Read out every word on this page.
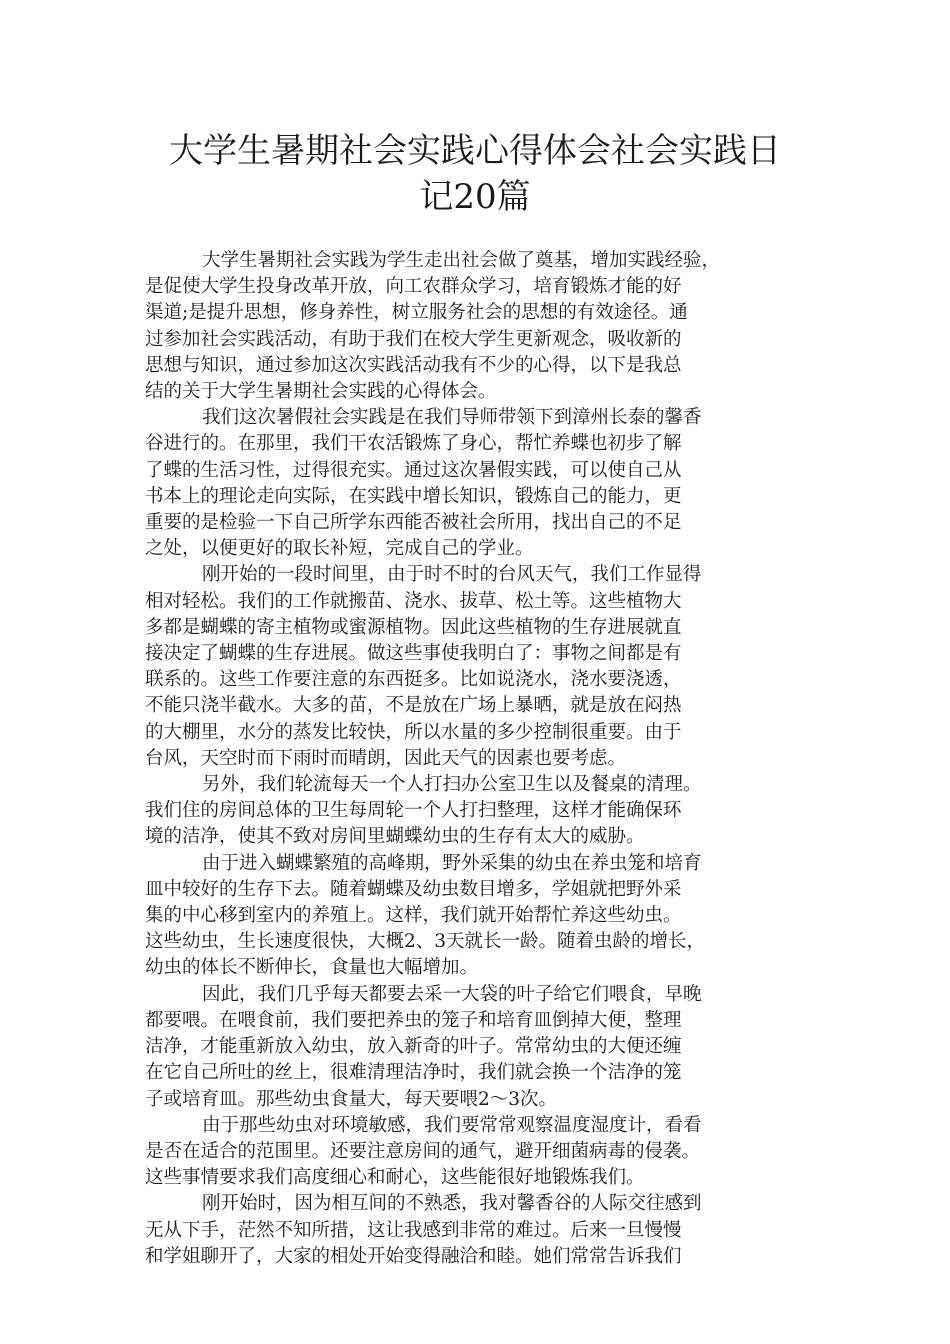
大学生暑期社会实践心得体会社会实践日
记20篇

大学生暑期社会实践为学生走出社会做了奠基，增加实践经验，
是促使大学生投身改革开放，向工农群众学习，培育锻炼才能的好
渠道;是提升思想，修身养性，树立服务社会的思想的有效途径。通
过参加社会实践活动，有助于我们在校大学生更新观念，吸收新的
思想与知识，通过参加这次实践活动我有不少的心得，以下是我总
结的关于大学生暑期社会实践的心得体会。

我们这次暑假社会实践是在我们导师带领下到漳州长泰的馨香
谷进行的。在那里，我们干农活锻炼了身心，帮忙养蝶也初步了解
了蝶的生活习性，过得很充实。通过这次暑假实践，可以使自己从
书本上的理论走向实际，在实践中增长知识，锻炼自己的能力，更
重要的是检验一下自己所学东西能否被社会所用，找出自己的不足
之处，以便更好的取长补短，完成自己的学业。

刚开始的一段时间里，由于时不时的台风天气，我们工作显得
相对轻松。我们的工作就搬苗、浇水、拔草、松土等。这些植物大
多都是蝴蝶的寄主植物或蜜源植物。因此这些植物的生存进展就直
接决定了蝴蝶的生存进展。做这些事使我明白了：事物之间都是有
联系的。这些工作要注意的东西挺多。比如说浇水，浇水要浇透，
不能只浇半截水。大多的苗，不是放在广场上暴晒，就是放在闷热
的大棚里，水分的蒸发比较快，所以水量的多少控制很重要。由于
台风，天空时而下雨时而晴朗，因此天气的因素也要考虑。

另外，我们轮流每天一个人打扫办公室卫生以及餐桌的清理。
我们住的房间总体的卫生每周轮一个人打扫整理，这样才能确保环
境的洁净，使其不致对房间里蝴蝶幼虫的生存有太大的威胁。

由于进入蝴蝶繁殖的高峰期，野外采集的幼虫在养虫笼和培育
皿中较好的生存下去。随着蝴蝶及幼虫数目增多，学姐就把野外采
集的中心移到室内的养殖上。这样，我们就开始帮忙养这些幼虫。
这些幼虫，生长速度很快，大概2、3天就长一龄。随着虫龄的增长，
幼虫的体长不断伸长，食量也大幅增加。

因此，我们几乎每天都要去采一大袋的叶子给它们喂食，早晚
都要喂。在喂食前，我们要把养虫的笼子和培育皿倒掉大便，整理
洁净，才能重新放入幼虫，放入新奇的叶子。常常幼虫的大便还缠
在它自己所吐的丝上，很难清理洁净时，我们就会换一个洁净的笼
子或培育皿。那些幼虫食量大，每天要喂2～3次。

由于那些幼虫对环境敏感，我们要常常观察温度湿度计，看看
是否在适合的范围里。还要注意房间的通气，避开细菌病毒的侵袭。
这些事情要求我们高度细心和耐心，这些能很好地锻炼我们。

刚开始时，因为相互间的不熟悉，我对馨香谷的人际交往感到
无从下手，茫然不知所措，这让我感到非常的难过。后来一旦慢慢
和学姐聊开了，大家的相处开始变得融洽和睦。她们常常告诉我们
